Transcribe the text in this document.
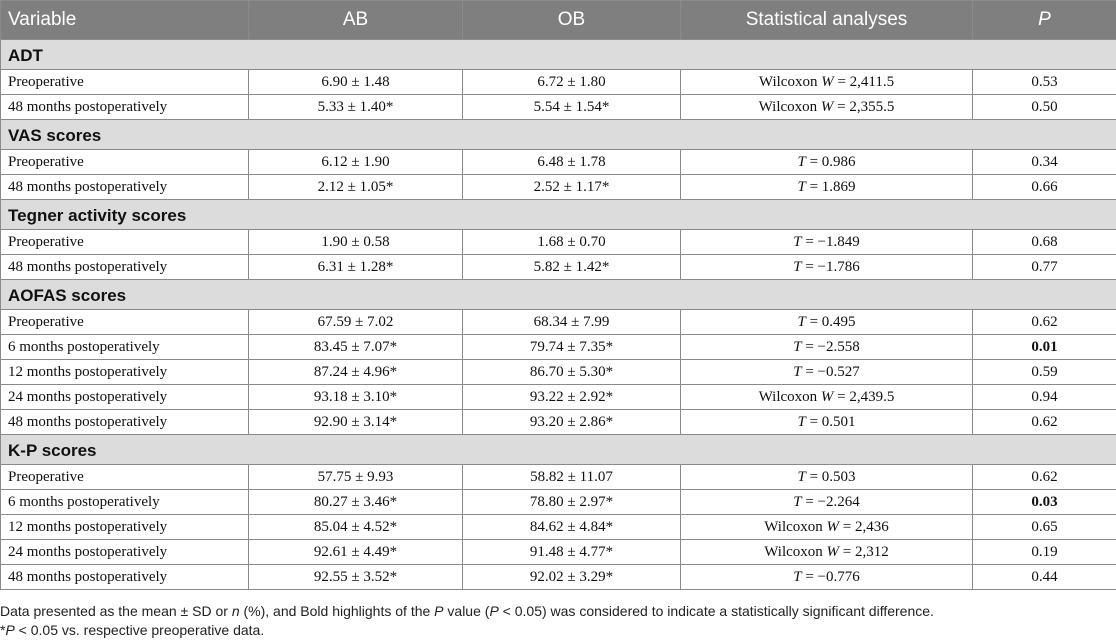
Variable	AB	OB	Statistical analyses	P
ADT				
Preoperative	6.90 ± 1.48	6.72 ± 1.80	Wilcoxon W = 2,411.5	0.53
48 months postoperatively	5.33 ± 1.40*	5.54 ± 1.54*	Wilcoxon W = 2,355.5	0.50
VAS scores				
Preoperative	6.12 ± 1.90	6.48 ± 1.78	T = 0.986	0.34
48 months postoperatively	2.12 ± 1.05*	2.52 ± 1.17*	T = 1.869	0.66
Tegner activity scores				
Preoperative	1.90 ± 0.58	1.68 ± 0.70	T = −1.849	0.68
48 months postoperatively	6.31 ± 1.28*	5.82 ± 1.42*	T = −1.786	0.77
AOFAS scores				
Preoperative	67.59 ± 7.02	68.34 ± 7.99	T = 0.495	0.62
6 months postoperatively	83.45 ± 7.07*	79.74 ± 7.35*	T = −2.558	0.01
12 months postoperatively	87.24 ± 4.96*	86.70 ± 5.30*	T = −0.527	0.59
24 months postoperatively	93.18 ± 3.10*	93.22 ± 2.92*	Wilcoxon W = 2,439.5	0.94
48 months postoperatively	92.90 ± 3.14*	93.20 ± 2.86*	T = 0.501	0.62
K-P scores				
Preoperative	57.75 ± 9.93	58.82 ± 11.07	T = 0.503	0.62
6 months postoperatively	80.27 ± 3.46*	78.80 ± 2.97*	T = −2.264	0.03
12 months postoperatively	85.04 ± 4.52*	84.62 ± 4.84*	Wilcoxon W = 2,436	0.65
24 months postoperatively	92.61 ± 4.49*	91.48 ± 4.77*	Wilcoxon W = 2,312	0.19
48 months postoperatively	92.55 ± 3.52*	92.02 ± 3.29*	T = −0.776	0.44
Data presented as the mean ± SD or n (%), and Bold highlights of the P value (P < 0.05) was considered to indicate a statistically significant difference.
*P < 0.05 vs. respective preoperative data.
